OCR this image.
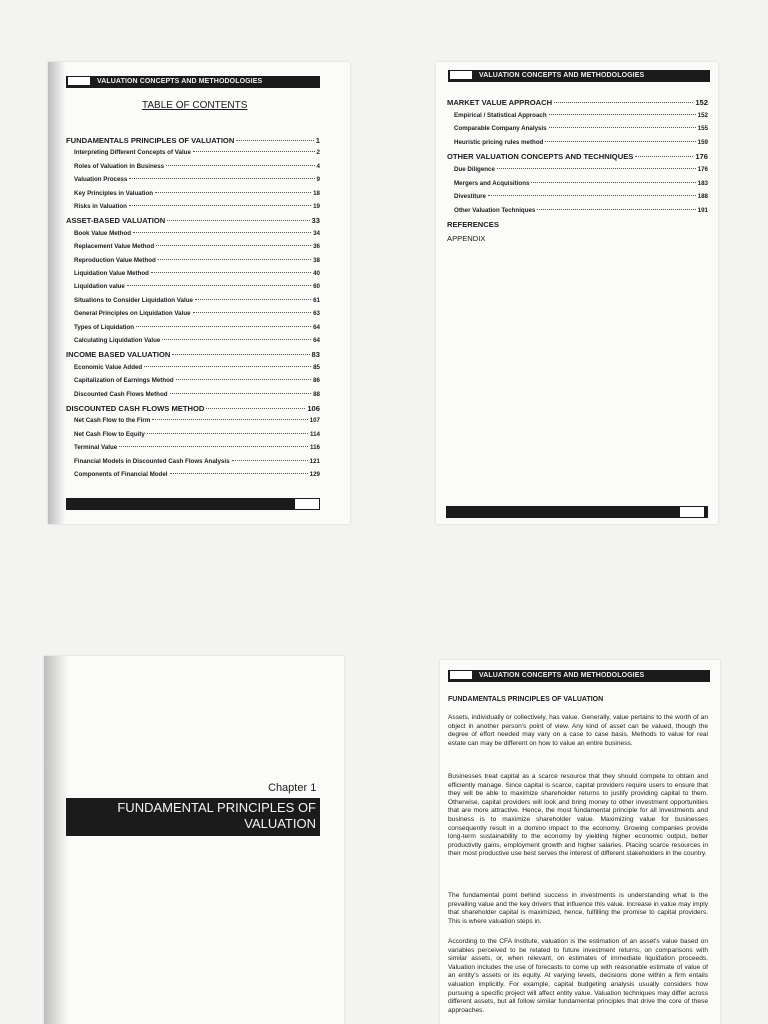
VALUATION CONCEPTS AND METHODOLOGIES
TABLE OF CONTENTS
FUNDAMENTALS PRINCIPLES OF VALUATION	1
Interpreting Different Concepts of Value	2
Roles of Valuation in Business	4
Valuation Process	9
Key Principles in Valuation	18
Risks in Valuation	19
ASSET-BASED VALUATION	33
Book Value Method	34
Replacement Value Method	36
Reproduction Value Method	38
Liquidation Value Method	40
Liquidation value	60
Situations to Consider Liquidation Value	61
General Principles on Liquidation Value	63
Types of Liquidation	64
Calculating Liquidation Value	64
INCOME BASED VALUATION	83
Economic Value Added	85
Capitalization of Earnings Method	86
Discounted Cash Flows Method	88
DISCOUNTED CASH FLOWS METHOD	106
Net Cash Flow to the Firm	107
Net Cash Flow to Equity	114
Terminal Value	116
Financial Models in Discounted Cash Flows Analysis	121
Components of Financial Model	129
VALUATION CONCEPTS AND METHODOLOGIES
MARKET VALUE APPROACH	152
Empirical / Statistical Approach	152
Comparable Company Analysis	155
Heuristic pricing rules method	159
OTHER VALUATION CONCEPTS AND TECHNIQUES	176
Due Diligence	176
Mergers and Acquisitions	183
Divestiture	188
Other Valuation Techniques	191
REFERENCES
APPENDIX
Chapter 1
FUNDAMENTAL PRINCIPLES OF
VALUATION
VALUATION CONCEPTS AND METHODOLOGIES
FUNDAMENTALS PRINCIPLES OF VALUATION

Assets, individually or collectively, has value. Generally, value pertains to the worth of an object in another person's point of view. Any kind of asset can be valued, though the degree of effort needed may vary on a case to case basis. Methods to value for real estate can may be different on how to value an entire business.

Businesses treat capital as a scarce resource that they should compete to obtain and efficiently manage. Since capital is scarce, capital providers require users to ensure that they will be able to maximize shareholder returns to justify providing capital to them. Otherwise, capital providers will look and bring money to other investment opportunities that are more attractive. Hence, the most fundamental principle for all investments and business is to maximize shareholder value. Maximizing value for businesses consequently result in a domino impact to the economy. Growing companies provide long-term sustainability to the economy by yielding higher economic output, better productivity gains, employment growth and higher salaries. Placing scarce resources in their most productive use best serves the interest of different stakeholders in the country.

The fundamental point behind success in investments is understanding what is the prevailing value and the key drivers that influence this value. Increase in value may imply that shareholder capital is maximized, hence, fulfilling the promise to capital providers. This is where valuation steps in.

According to the CFA Institute, valuation is the estimation of an asset's value based on variables perceived to be related to future investment returns, on comparisons with similar assets, or, when relevant, on estimates of immediate liquidation proceeds. Valuation includes the use of forecasts to come up with reasonable estimate of value of an entity's assets or its equity. At varying levels, decisions done within a firm entails valuation implicitly. For example, capital budgeting analysis usually considers how pursuing a specific project will affect entity value. Valuation techniques may differ across different assets, but all follow similar fundamental principles that drive the core of these approaches.
